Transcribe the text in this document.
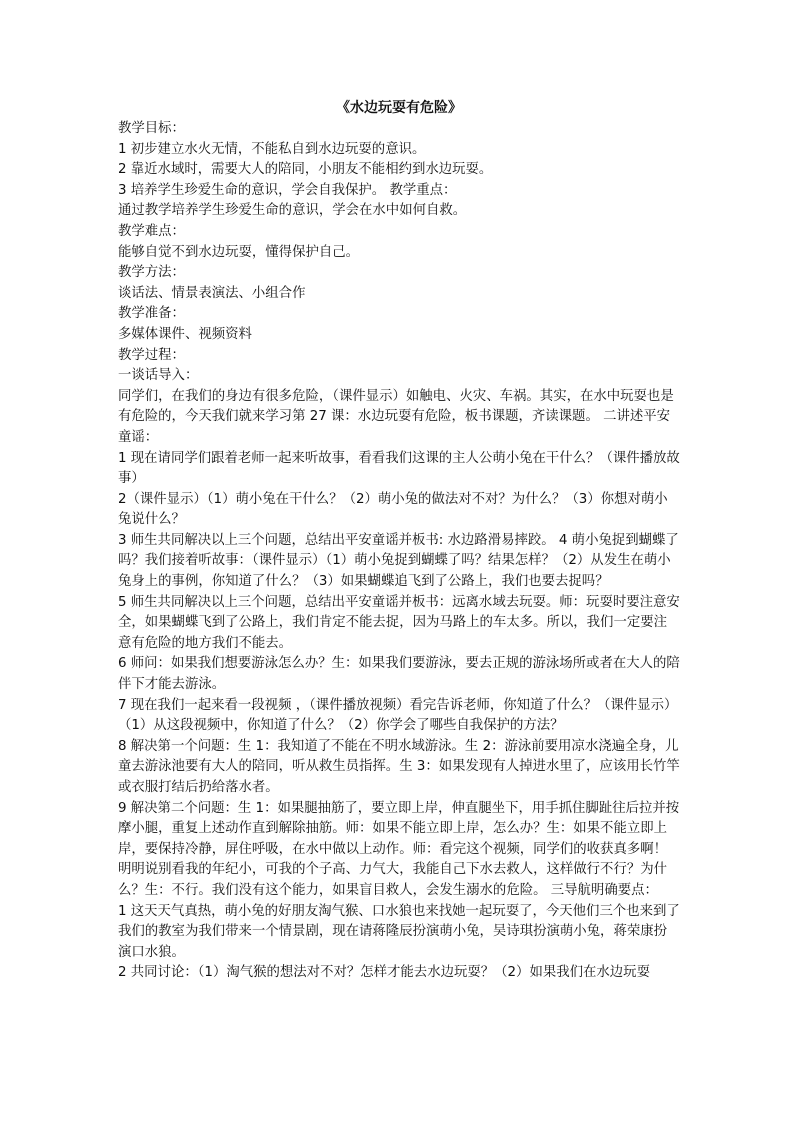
《水边玩耍有危险》

教学目标：

1 初步建立水火无情，不能私自到水边玩耍的意识。

2 靠近水域时，需要大人的陪同，小朋友不能相约到水边玩耍。

3 培养学生珍爱生命的意识，学会自我保护。 教学重点：

通过教学培养学生珍爱生命的意识，学会在水中如何自救。

教学难点：

能够自觉不到水边玩耍，懂得保护自己。

教学方法：

谈话法、情景表演法、小组合作

教学准备：

多媒体课件、视频资料

教学过程：

一谈话导入：

同学们，在我们的身边有很多危险，（课件显示）如触电、火灾、车祸。其实，在水中玩耍也是有危险的，今天我们就来学习第 27 课：水边玩耍有危险，板书课题，齐读课题。 二讲述平安童谣：

1 现在请同学们跟着老师一起来听故事，看看我们这课的主人公萌小兔在干什么？（课件播放故事）

2（课件显示）（1）萌小兔在干什么？（2）萌小兔的做法对不对？为什么？（3）你想对萌小兔说什么？

3 师生共同解决以上三个问题，总结出平安童谣并板书: 水边路滑易摔跤。 4 萌小兔捉到蝴蝶了吗？我们接着听故事：（课件显示）（1）萌小兔捉到蝴蝶了吗？结果怎样？（2）从发生在萌小兔身上的事例，你知道了什么？（3）如果蝴蝶追飞到了公路上，我们也要去捉吗？

5 师生共同解决以上三个问题，总结出平安童谣并板书：远离水域去玩耍。师：玩耍时要注意安全，如果蝴蝶飞到了公路上，我们肯定不能去捉，因为马路上的车太多。所以，我们一定要注意有危险的地方我们不能去。

6 师问：如果我们想要游泳怎么办？生：如果我们要游泳，要去正规的游泳场所或者在大人的陪伴下才能去游泳。

7 现在我们一起来看一段视频 ，（课件播放视频）看完告诉老师，你知道了什么？（课件显示）（1）从这段视频中，你知道了什么？（2）你学会了哪些自我保护的方法？

8 解决第一个问题：生 1：我知道了不能在不明水域游泳。生 2：游泳前要用凉水浇遍全身，儿童去游泳池要有大人的陪同，听从救生员指挥。生 3：如果发现有人掉进水里了，应该用长竹竿或衣服打结后扔给落水者。

9 解决第二个问题：生 1：如果腿抽筋了，要立即上岸，伸直腿坐下，用手抓住脚趾往后拉并按摩小腿，重复上述动作直到解除抽筋。师：如果不能立即上岸，怎么办？生：如果不能立即上岸，要保持冷静，屏住呼吸，在水中做以上动作。师：看完这个视频，同学们的收获真多啊！明明说别看我的年纪小，可我的个子高、力气大，我能自己下水去救人，这样做行不行？为什么？生：不行。我们没有这个能力，如果盲目救人，会发生溺水的危险。 三导航明确要点：

1 这天天气真热，萌小兔的好朋友淘气猴、口水狼也来找她一起玩耍了，今天他们三个也来到了我们的教室为我们带来一个情景剧，现在请蒋隆辰扮演萌小兔，吴诗琪扮演萌小兔，蒋荣康扮演口水狼。

2 共同讨论：（1）淘气猴的想法对不对？怎样才能去水边玩耍？（2）如果我们在水边玩耍
